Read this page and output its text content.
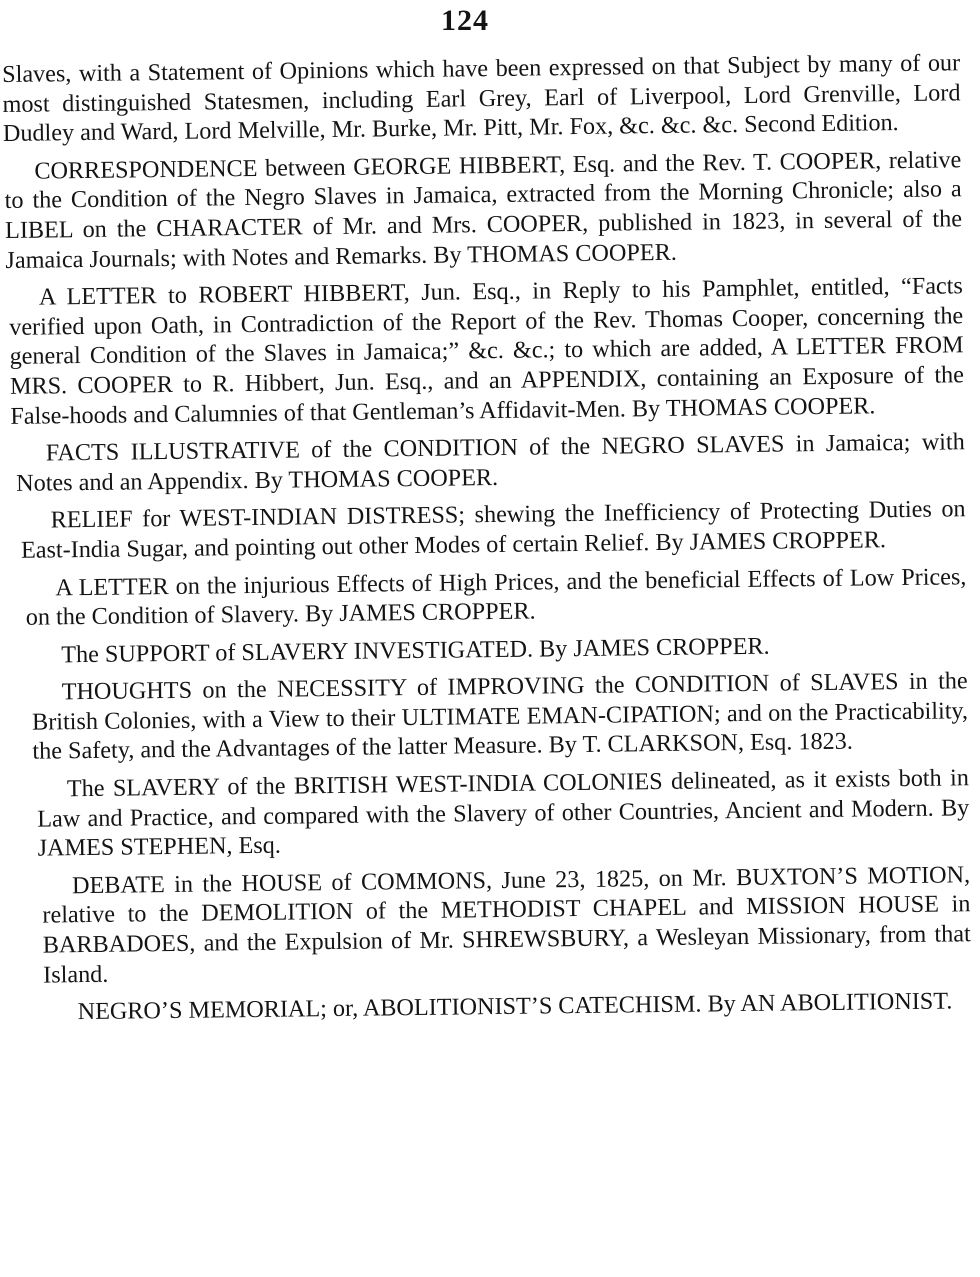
124

Slaves, with a Statement of Opinions which have been expressed on that Subject by many of our most distinguished Statesmen, including Earl Grey, Earl of Liverpool, Lord Grenville, Lord Dudley and Ward, Lord Melville, Mr. Burke, Mr. Pitt, Mr. Fox, &c. &c. &c. Second Edition.

CORRESPONDENCE between GEORGE HIBBERT, Esq. and the Rev. T. COOPER, relative to the Condition of the Negro Slaves in Jamaica, extracted from the Morning Chronicle; also a LIBEL on the CHARACTER of Mr. and Mrs. COOPER, published in 1823, in several of the Jamaica Journals; with Notes and Remarks. By THOMAS COOPER.

A LETTER to ROBERT HIBBERT, Jun. Esq., in Reply to his Pamphlet, entitled, “Facts verified upon Oath, in Contradiction of the Report of the Rev. Thomas Cooper, concerning the general Condition of the Slaves in Jamaica;” &c. &c.; to which are added, A LETTER FROM MRS. COOPER to R. Hibbert, Jun. Esq., and an APPENDIX, containing an Exposure of the False-hoods and Calumnies of that Gentleman’s Affidavit-Men. By THOMAS COOPER.

FACTS ILLUSTRATIVE of the CONDITION of the NEGRO SLAVES in Jamaica; with Notes and an Appendix. By THOMAS COOPER.

RELIEF for WEST-INDIAN DISTRESS; shewing the Inefficiency of Protecting Duties on East-India Sugar, and pointing out other Modes of certain Relief. By JAMES CROPPER.

A LETTER on the injurious Effects of High Prices, and the beneficial Effects of Low Prices, on the Condition of Slavery. By JAMES CROPPER.

The SUPPORT of SLAVERY INVESTIGATED. By JAMES CROPPER.

THOUGHTS on the NECESSITY of IMPROVING the CONDITION of SLAVES in the British Colonies, with a View to their ULTIMATE EMAN-CIPATION; and on the Practicability, the Safety, and the Advantages of the latter Measure. By T. CLARKSON, Esq. 1823.

The SLAVERY of the BRITISH WEST-INDIA COLONIES delineated, as it exists both in Law and Practice, and compared with the Slavery of other Countries, Ancient and Modern. By JAMES STEPHEN, Esq.

DEBATE in the HOUSE of COMMONS, June 23, 1825, on Mr. BUXTON’S MOTION, relative to the DEMOLITION of the METHODIST CHAPEL and MISSION HOUSE in BARBADOES, and the Expulsion of Mr. SHREWSBURY, a Wesleyan Missionary, from that Island.

NEGRO’S MEMORIAL; or, ABOLITIONIST’S CATECHISM. By AN ABOLITIONIST.
